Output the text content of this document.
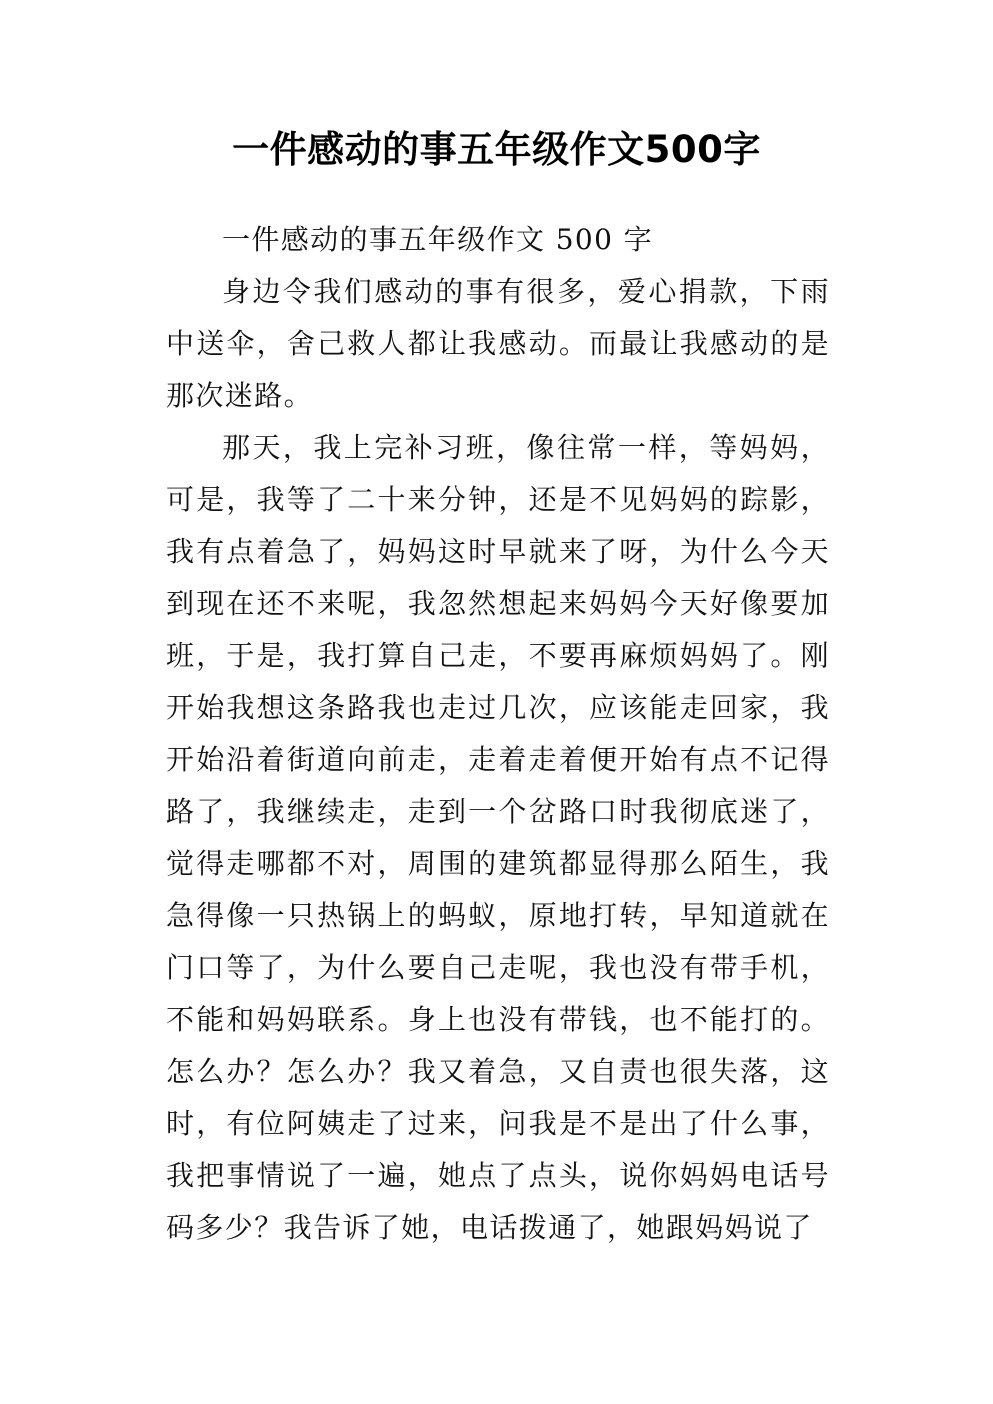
一件感动的事五年级作文500字

一件感动的事五年级作文 500 字

身边令我们感动的事有很多，爱心捐款，下雨中送伞，舍己救人都让我感动。而最让我感动的是那次迷路。

那天，我上完补习班，像往常一样，等妈妈，可是，我等了二十来分钟，还是不见妈妈的踪影，我有点着急了，妈妈这时早就来了呀，为什么今天到现在还不来呢，我忽然想起来妈妈今天好像要加班，于是，我打算自己走，不要再麻烦妈妈了。刚开始我想这条路我也走过几次，应该能走回家，我开始沿着街道向前走，走着走着便开始有点不记得路了，我继续走，走到一个岔路口时我彻底迷了，觉得走哪都不对，周围的建筑都显得那么陌生，我急得像一只热锅上的蚂蚁，原地打转，早知道就在门口等了，为什么要自己走呢，我也没有带手机，不能和妈妈联系。身上也没有带钱，也不能打的。怎么办？怎么办？我又着急，又自责也很失落，这时，有位阿姨走了过来，问我是不是出了什么事，我把事情说了一遍，她点了点头，说你妈妈电话号码多少？我告诉了她，电话拨通了，她跟妈妈说了
